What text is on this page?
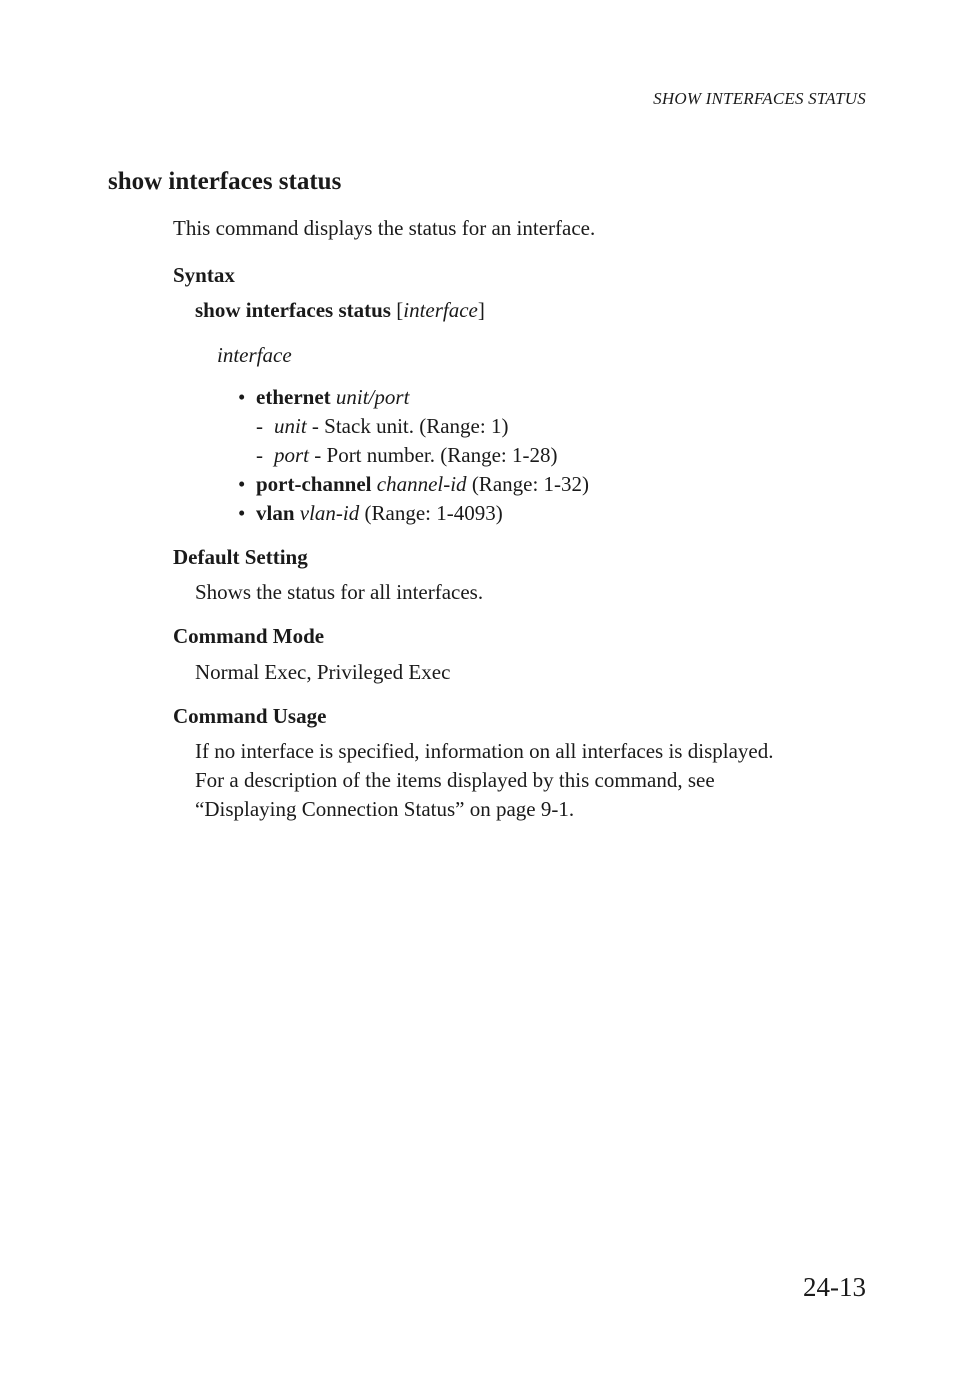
SHOW INTERFACES STATUS
show interfaces status
This command displays the status for an interface.
Syntax
show interfaces status [interface]
interface
• ethernet unit/port
- unit - Stack unit. (Range: 1)
- port - Port number. (Range: 1-28)
• port-channel channel-id (Range: 1-32)
• vlan vlan-id (Range: 1-4093)
Default Setting
Shows the status for all interfaces.
Command Mode
Normal Exec, Privileged Exec
Command Usage
If no interface is specified, information on all interfaces is displayed.
For a description of the items displayed by this command, see
“Displaying Connection Status” on page 9-1.
24-13
